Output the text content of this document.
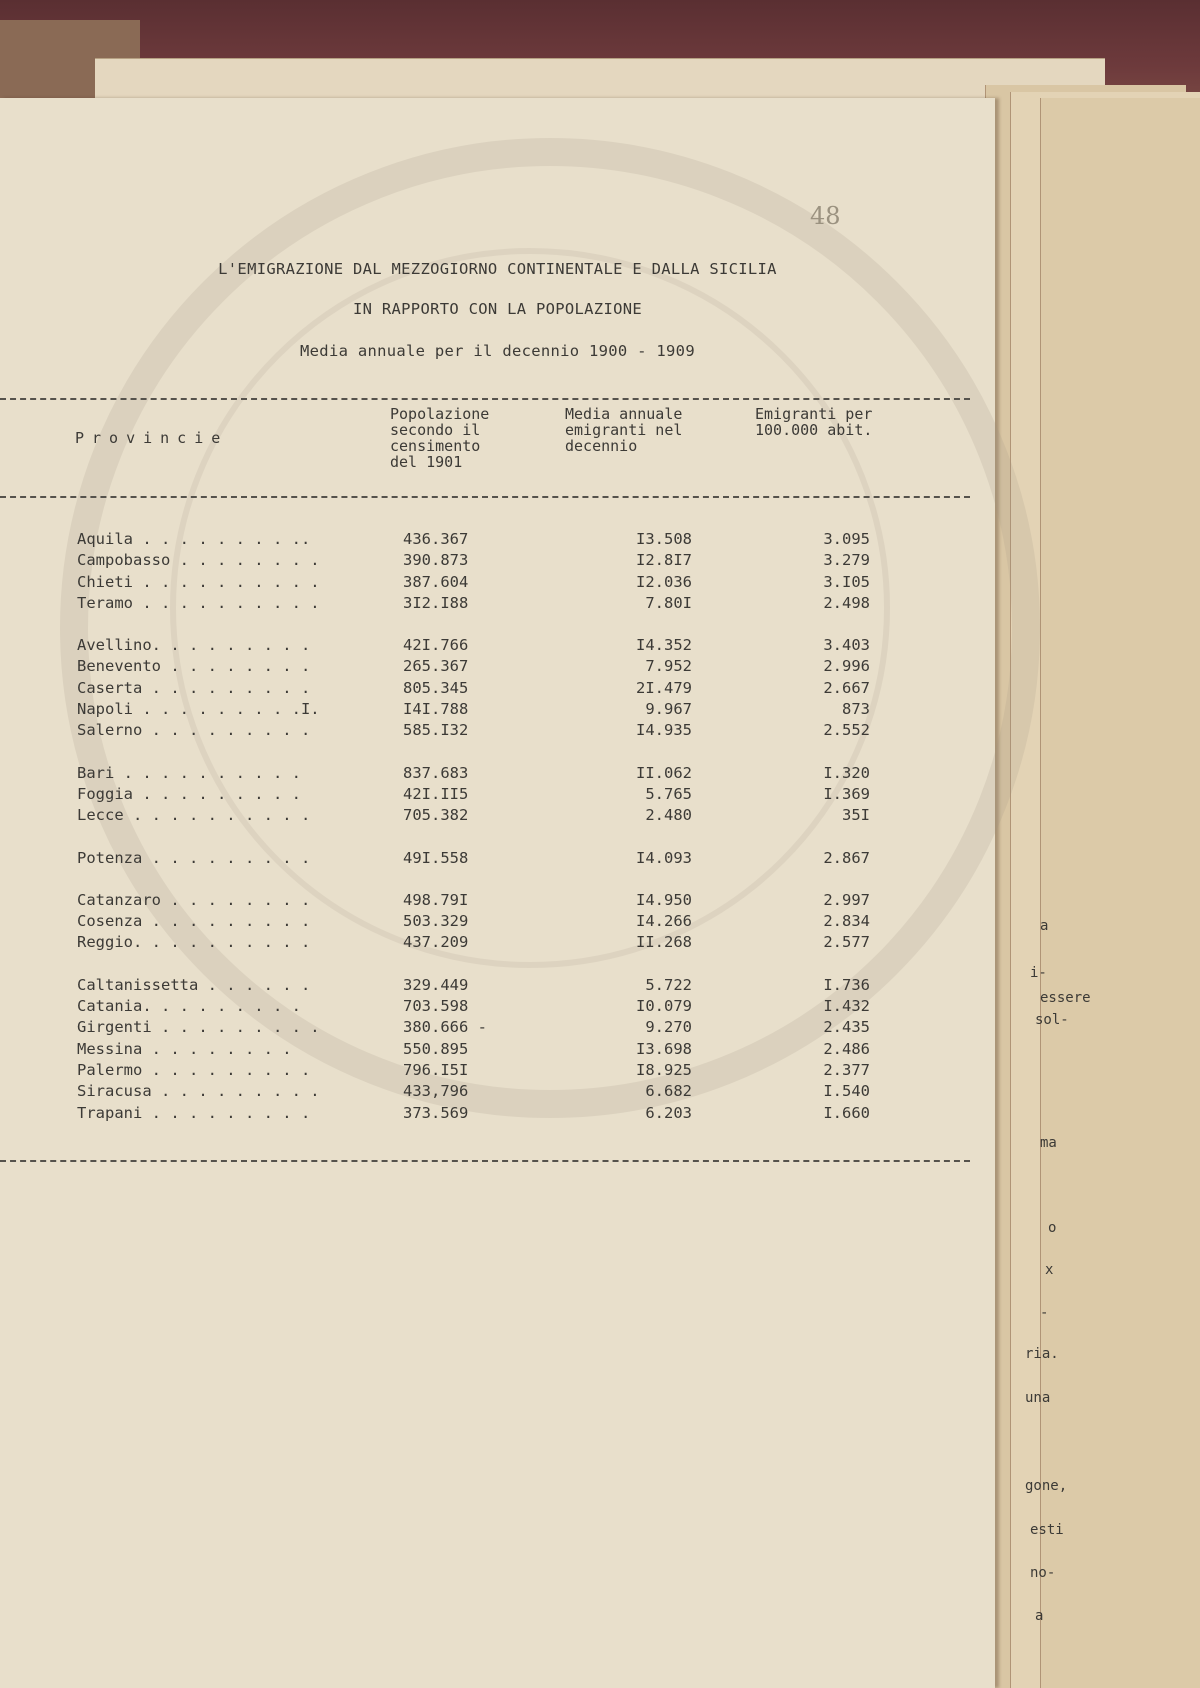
a
i-
essere
sol-
ma
o
x
-
ria.
una
gone,
esti
no-
a
48
L'EMIGRAZIONE DAL MEZZOGIORNO CONTINENTALE E DALLA SICILIA
IN RAPPORTO CON LA POPOLAZIONE
Media annuale per il decennio 1900 - 1909
Provincie
Popolazione
secondo il
censimento
del 1901
Media annuale
emigranti nel
decennio
Emigranti per
100.000 abit.
Aquila . . . . . . . . ..	436.367	I3.508	3.095
Campobasso . . . . . . . .	390.873	I2.8I7	3.279
Chieti . . . . . . . . . .	387.604	I2.036	3.I05
Teramo . . . . . . . . . .	3I2.I88	7.80I	2.498
Avellino. . . . . . . . .	42I.766	I4.352	3.403
Benevento . . . . . . . .	265.367	7.952	2.996
Caserta . . . . . . . . .	805.345	2I.479	2.667
Napoli . . . . . . . . .I.	I4I.788	9.967	873
Salerno . . . . . . . . .	585.I32	I4.935	2.552
Bari . . . . . . . . . .	837.683	II.062	I.320
Foggia . . . . . . . . .	42I.II5	5.765	I.369
Lecce . . . . . . . . . .	705.382	2.480	35I
Potenza . . . . . . . . .	49I.558	I4.093	2.867
Catanzaro . . . . . . . .	498.79I	I4.950	2.997
Cosenza . . . . . . . . .	503.329	I4.266	2.834
Reggio. . . . . . . . . .	437.209	II.268	2.577
Caltanissetta . . . . . .	329.449	5.722	I.736
Catania. . . . . . . . .	703.598	I0.079	I.432
Girgenti . . . . . . . . .	380.666 -	9.270	2.435
Messina . . . . . . . .	550.895	I3.698	2.486
Palermo . . . . . . . . .	796.I5I	I8.925	2.377
Siracusa . . . . . . . . .	433,796	6.682	I.540
Trapani . . . . . . . . .	373.569	6.203	I.660
